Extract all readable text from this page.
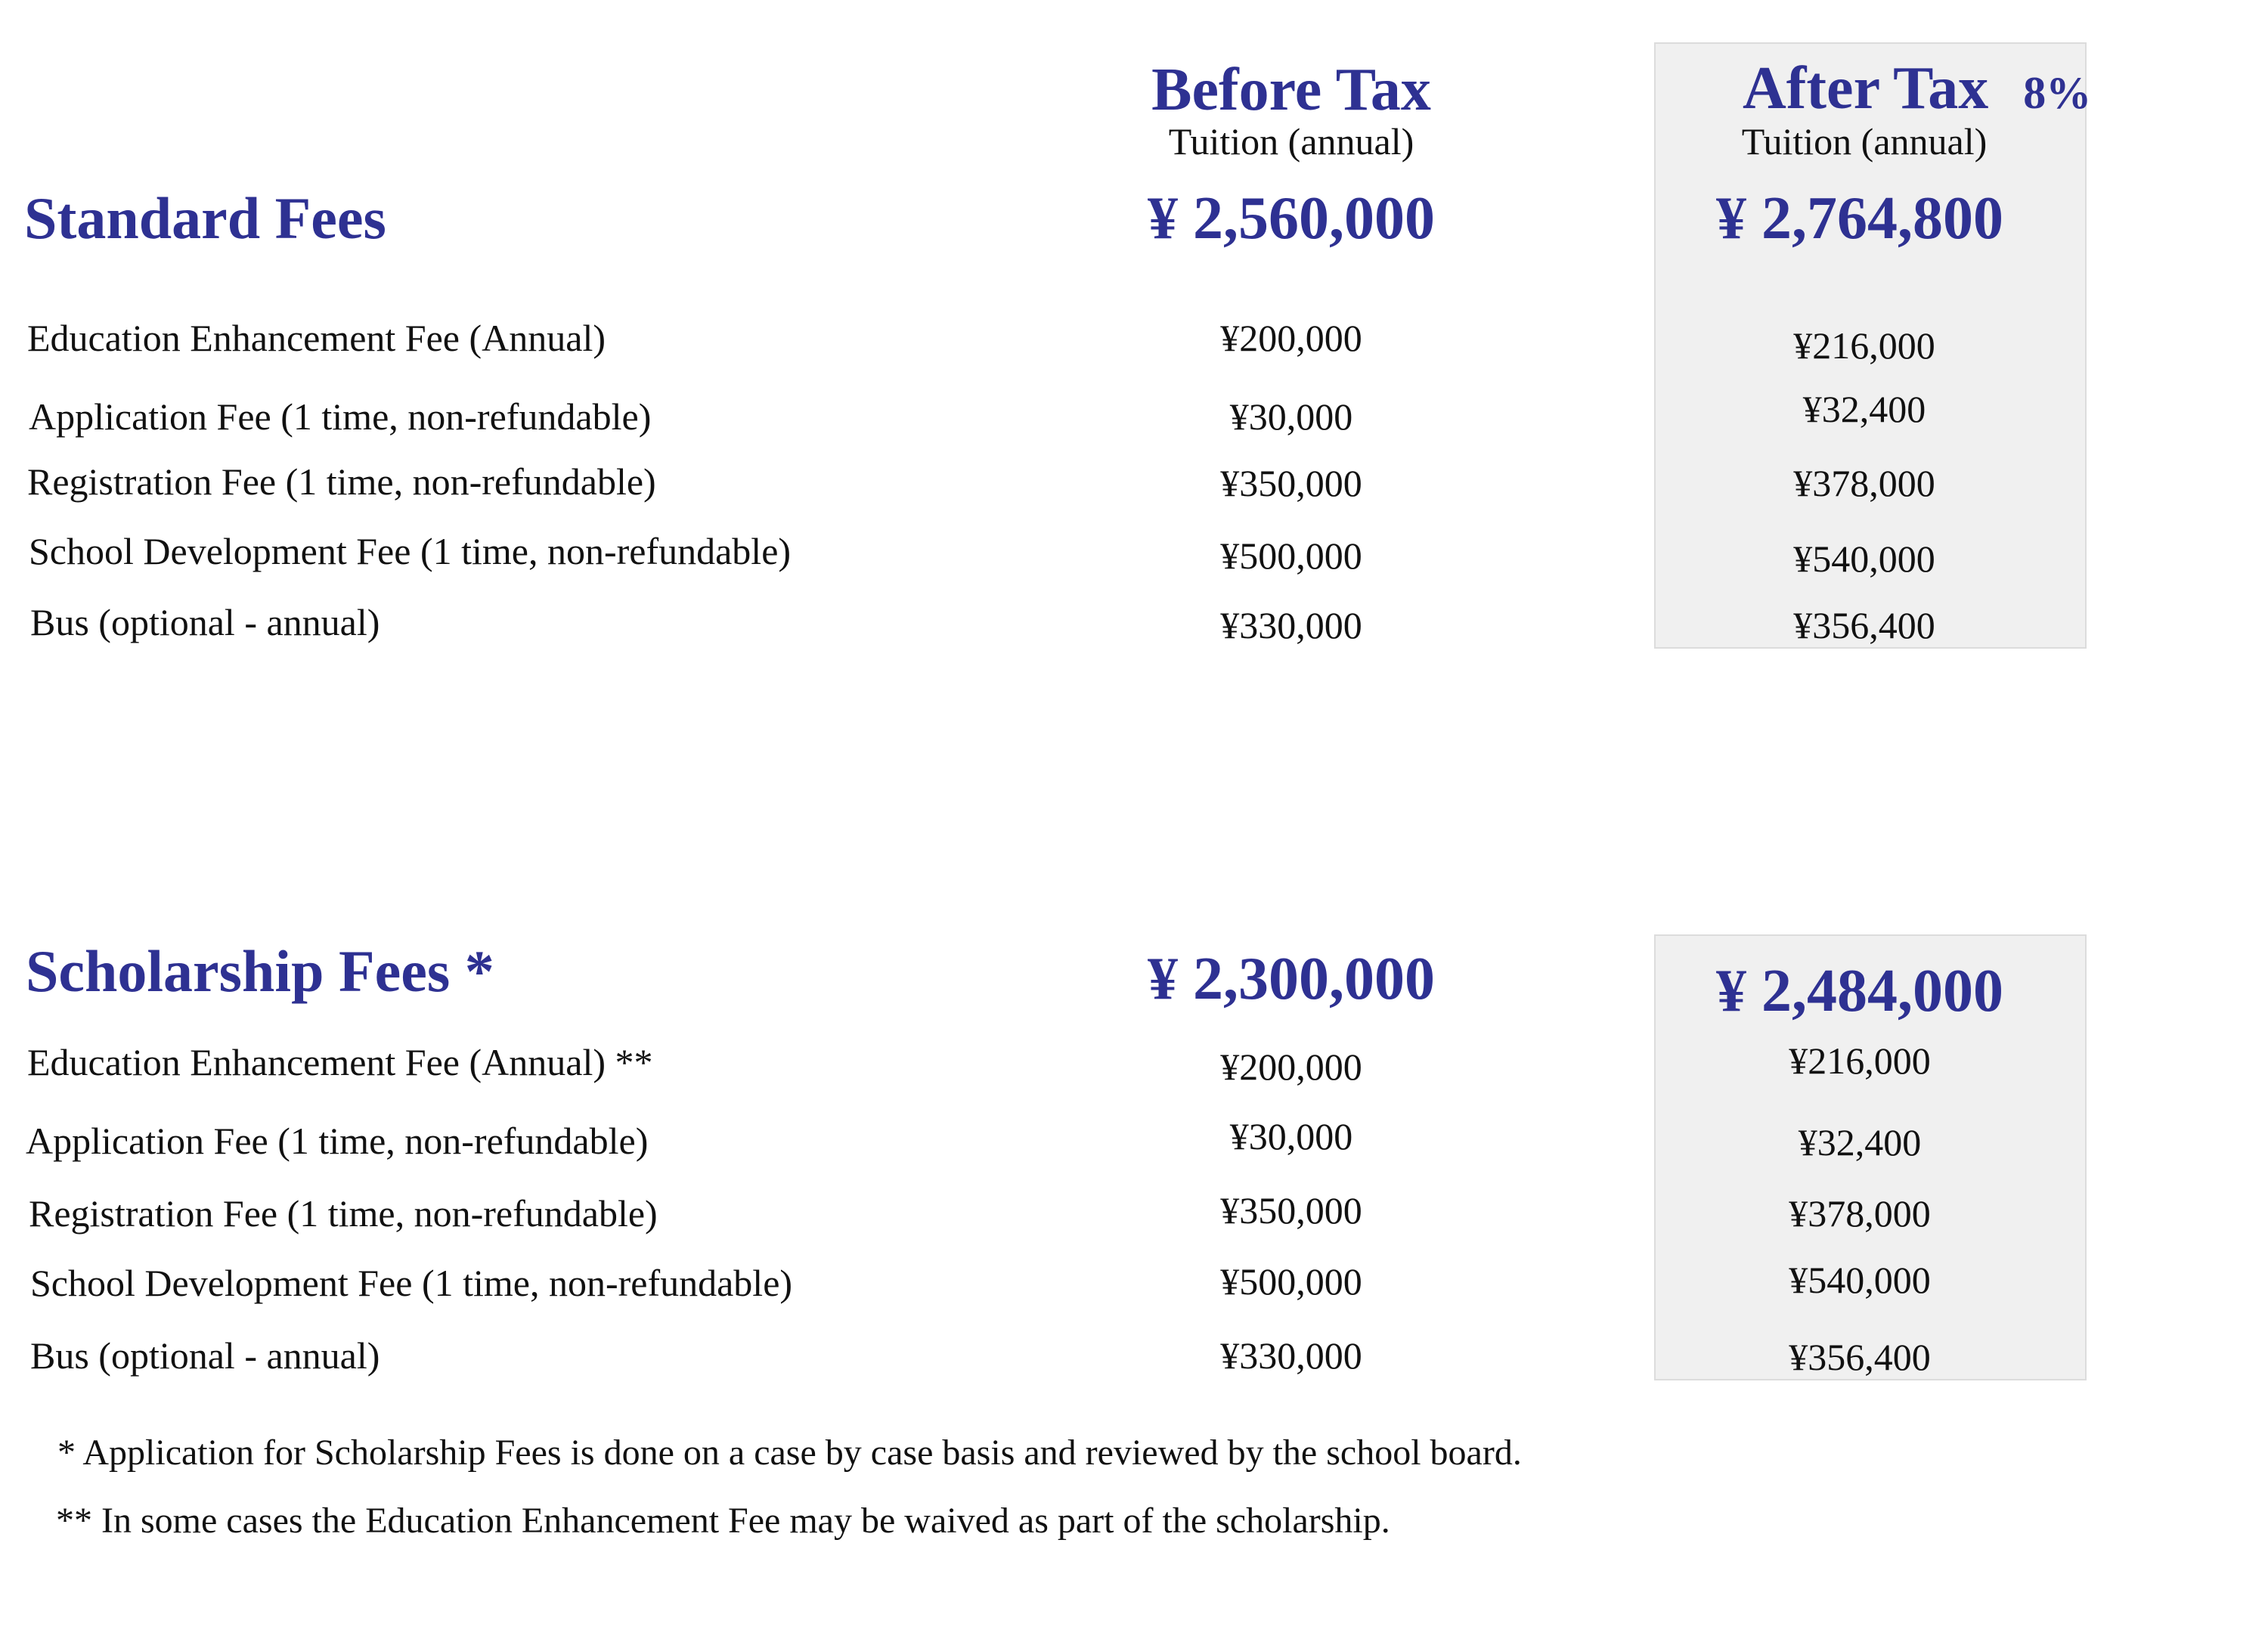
Before Tax
Tuition (annual)
After Tax 8%
Tuition (annual)
Standard Fees	¥ 2,560,000	¥ 2,764,800
Education Enhancement Fee (Annual)	¥200,000	¥216,000
Application Fee (1 time, non-refundable)	¥30,000	¥32,400
Registration Fee (1 time, non-refundable)	¥350,000	¥378,000
School Development Fee (1 time, non-refundable)	¥500,000	¥540,000
Bus (optional - annual)	¥330,000	¥356,400
Scholarship Fees *	¥ 2,300,000	¥ 2,484,000
Education Enhancement Fee (Annual) **	¥200,000	¥216,000
Application Fee (1 time, non-refundable)	¥30,000	¥32,400
Registration Fee (1 time, non-refundable)	¥350,000	¥378,000
School Development Fee (1 time, non-refundable)	¥500,000	¥540,000
Bus (optional - annual)	¥330,000	¥356,400
* Application for Scholarship Fees is done on a case by case basis and reviewed by the school board.
** In some cases the Education Enhancement Fee may be waived as part of the scholarship.
